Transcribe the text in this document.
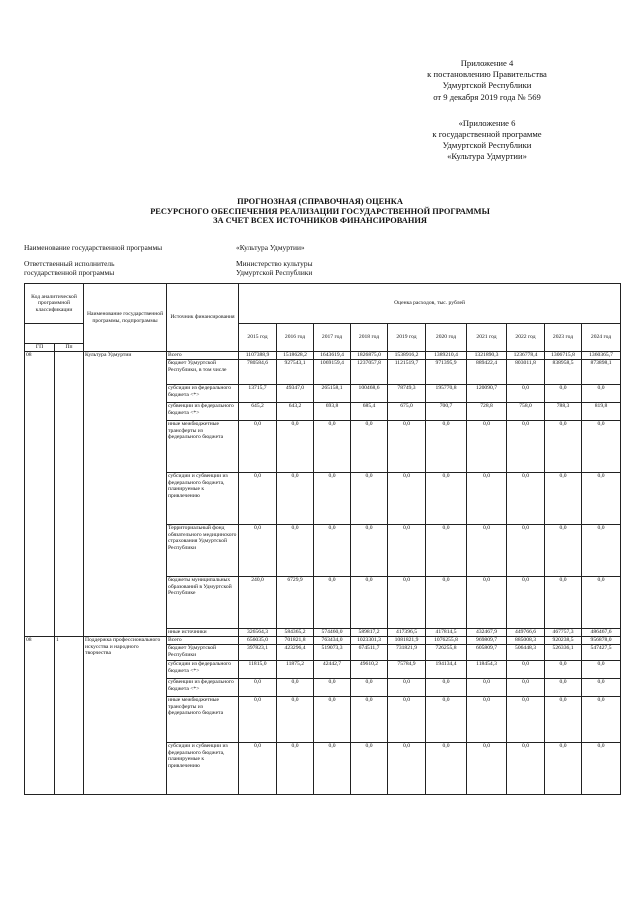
Приложение 4
к постановлению Правительства
Удмуртской Республики
от 9 декабря 2019 года № 569
«Приложение 6
к государственной программе
Удмуртской Республики
«Культура Удмуртии»
ПРОГНОЗНАЯ (СПРАВОЧНАЯ) ОЦЕНКА
РЕСУРСНОГО ОБЕСПЕЧЕНИЯ РЕАЛИЗАЦИИ ГОСУДАРСТВЕННОЙ ПРОГРАММЫ
ЗА СЧЕТ ВСЕХ ИСТОЧНИКОВ ФИНАНСИРОВАНИЯ
Наименование государственной программы	«Культура Удмуртии»
Ответственный исполнитель
государственной программы
Министерство культуры
Удмуртской Республики
Код аналитической программной классификации		Наименование государственной программы, подпрограммы	Источник финансирования	Оценка расходов, тыс. рублей									
				2015 год	2016 год	2017 год	2018 год	2019 год	2020 год	2021 год	2022 год	2023 год	2024 год
ГП	Пп												
08		Культура Удмуртии	Всего	1107388,9	1518628,2	1643619,4	1826875,0	1538916,2	1389210,4	1321890,3	1236778,4	1306715,8	1360365,7
			бюджет Удмуртской Республики, в том числе	780584,6	927543,1	1069159,4	1237057,8	1121519,7	971395,9	889422,4	803011,8	838958,5	873898,1
			субсидии из федерального бюджета <*>	13715,7	49347,0	265158,1	100468,6	78749,3	195770,8	120090,7	0,0	0,0	0,0
			субвенции из федерального бюджета <*>	645,2	643,2	693,8	685,4	675,0	700,7	728,8	758,0	788,3	819,8
			иные межбюджетные трансферты из федерального бюджета	0,0	0,0	0,0	0,0	0,0	0,0	0,0	0,0	0,0	0,0
			субсидии и субвенции из федерального бюджета, планируемые к привлечению	0,0	0,0	0,0	0,0	0,0	0,0	0,0	0,0	0,0	0,0
			Территориальный фонд обязательного медицинского страхования Удмуртской Республики	0,0	0,0	0,0	0,0	0,0	0,0	0,0	0,0	0,0	0,0
			бюджеты муниципальных образований в Удмуртской Республике	240,0	6729,9	0,0	0,0	0,0	0,0	0,0	0,0	0,0	0,0
			иные источники	326564,3	584365,2	574460,0	589817,2	417396,5	417814,5	432467,9	449766,6	467757,3	486467,6
08	1	Поддержка профессионального искусства и народного творчества	Всего	656035,0	701821,8	763434,0	1023301,3	1081821,9	1076255,8	969809,7	885008,3	920238,5	956878,0
			бюджет Удмуртской Республики	397823,1	423296,4	519073,3	674511,7	731821,9	726255,8	605809,7	506448,3	526336,1	547427,5
			субсидии из федерального бюджета <*>	11815,0	11875,2	42442,7	49610,2	75784,9	194134,4	118454,3	0,0	0,0	0,0
			субвенции из федерального бюджета <*>	0,0	0,0	0,0	0,0	0,0	0,0	0,0	0,0	0,0	0,0
			иные межбюджетные трансферты из федерального бюджета	0,0	0,0	0,0	0,0	0,0	0,0	0,0	0,0	0,0	0,0
			субсидии и субвенции из федерального бюджета, планируемые к привлечению	0,0	0,0	0,0	0,0	0,0	0,0	0,0	0,0	0,0	0,0
